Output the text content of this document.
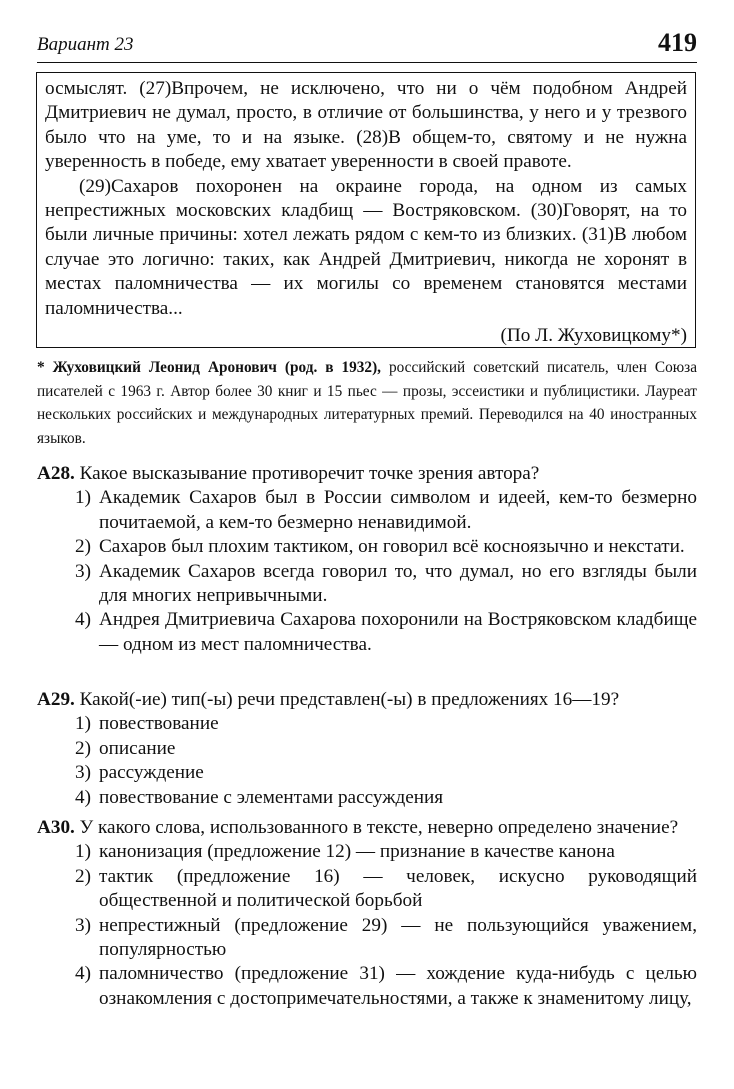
Вариант 23	419

осмыслят. (27)Впрочем, не исключено, что ни о чём подобном Андрей Дмитриевич не думал, просто, в отличие от большинства, у него и у трезвого было что на уме, то и на языке. (28)В общем-то, святому и не нужна уверенность в победе, ему хватает уверенности в своей правоте.

(29)Сахаров похоронен на окраине города, на одном из самых непрестижных московских кладбищ — Востряковском. (30)Говорят, на то были личные причины: хотел лежать рядом с кем-то из близких. (31)В любом случае это логично: таких, как Андрей Дмитриевич, никогда не хоронят в местах паломничества — их могилы со временем становятся местами паломничества...

(По Л. Жуховицкому*)
* Жуховицкий Леонид Аронович (род. в 1932), российский советский писатель, член Союза писателей с 1963 г. Автор более 30 книг и 15 пьес — прозы, эссеистики и публицистики. Лауреат нескольких российских и международных литературных премий. Переводился на 40 иностранных языков.
А28. Какое высказывание противоречит точке зрения автора?
1) Академик Сахаров был в России символом и идеей, кем-то безмерно почитаемой, а кем-то безмерно ненавидимой.
2) Сахаров был плохим тактиком, он говорил всё косноязычно и некстати.
3) Академик Сахаров всегда говорил то, что думал, но его взгляды были для многих непривычными.
4) Андрея Дмитриевича Сахарова похоронили на Востряковском кладбище — одном из мест паломничества.
А29. Какой(-ие) тип(-ы) речи представлен(-ы) в предложениях 16—19?
1) повествование
2) описание
3) рассуждение
4) повествование с элементами рассуждения
А30. У какого слова, использованного в тексте, неверно определено значение?
1) канонизация (предложение 12) — признание в качестве канона
2) тактик (предложение 16) — человек, искусно руководящий общественной и политической борьбой
3) непрестижный (предложение 29) — не пользующийся уважением, популярностью
4) паломничество (предложение 31) — хождение куда-нибудь с целью ознакомления с достопримечательностями, а также к знаменитому лицу,
